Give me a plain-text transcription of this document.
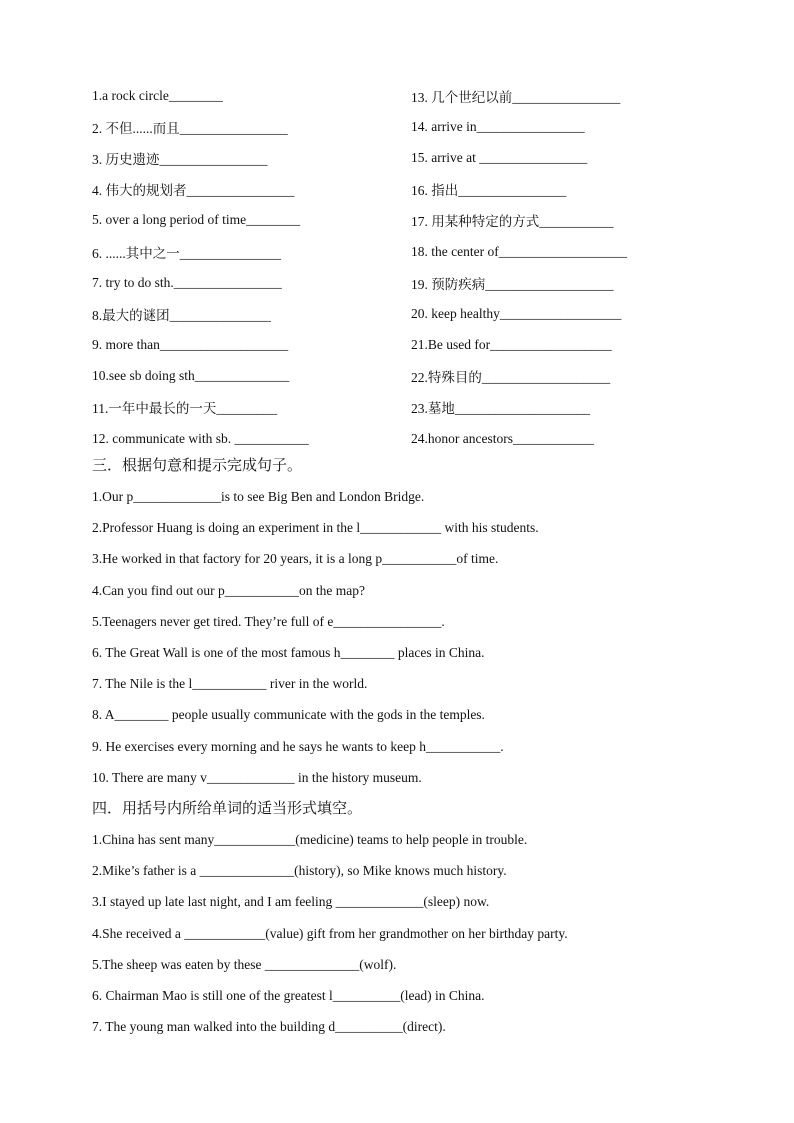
1.a rock circle________	13. 几个世纪以前________________
2. 不但......而且________________	14. arrive in________________
3. 历史遗迹________________	15. arrive at ________________
4. 伟大的规划者________________	16. 指出________________
5. over a long period of time________	17. 用某种特定的方式___________
6. ......其中之一_______________	18. the center of___________________
7. try to do sth.________________	19. 预防疾病___________________
8.最大的谜团_______________	20. keep healthy__________________
9. more than___________________	21.Be used for__________________
10.see sb doing sth______________	22.特殊目的___________________
11.一年中最长的一天_________	23.墓地____________________
12. communicate with sb. ___________	24.honor ancestors____________
三．根据句意和提示完成句子。
1.Our p_____________is to see Big Ben and London Bridge.
2.Professor Huang is doing an experiment in the l____________ with his students.
3.He worked in that factory for 20 years, it is a long p___________of time.
4.Can you find out our p___________on the map?
5.Teenagers never get tired. They’re full of e________________.
6. The Great Wall is one of the most famous h________ places in China.
7. The Nile is the l___________ river in the world.
8. A________ people usually communicate with the gods in the temples.
9. He exercises every morning and he says he wants to keep h___________.
10. There are many v_____________ in the history museum.
四．用括号内所给单词的适当形式填空。
1.China has sent many____________(medicine) teams to help people in trouble.
2.Mike’s father is a ______________(history), so Mike knows much history.
3.I stayed up late last night, and I am feeling _____________(sleep) now.
4.She received a ____________(value) gift from her grandmother on her birthday party.
5.The sheep was eaten by these ______________(wolf).
6. Chairman Mao is still one of the greatest l__________(lead) in China.
7. The young man walked into the building d__________(direct).
